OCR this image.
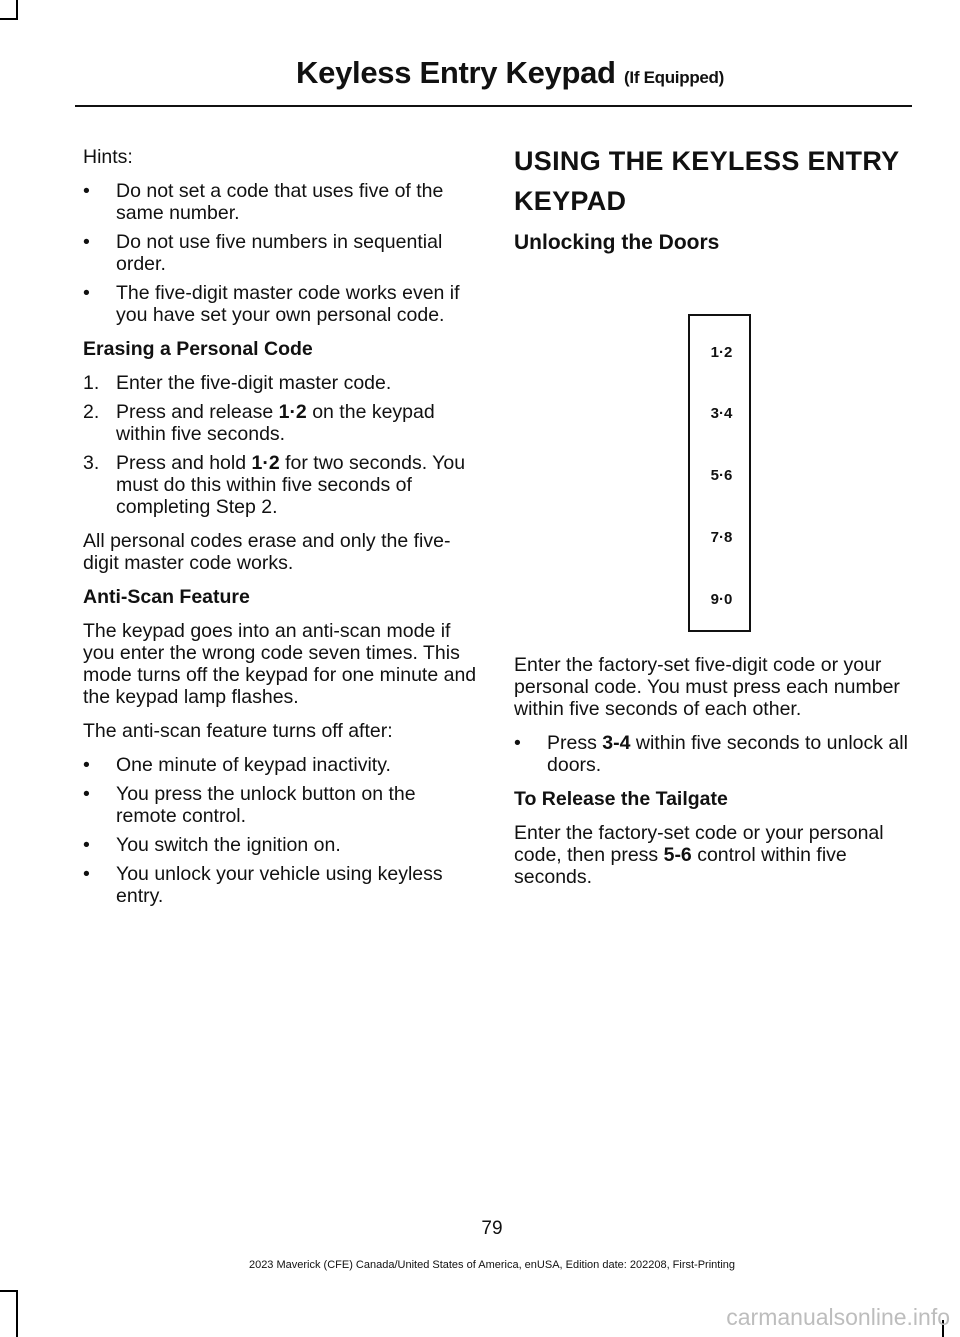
Keyless Entry Keypad (If Equipped)

Hints:

• Do not set a code that uses five of the same number.
• Do not use five numbers in sequential order.
• The five-digit master code works even if you have set your own personal code.
Erasing a Personal Code
1. Enter the five-digit master code.
2. Press and release 1·2 on the keypad within five seconds.
3. Press and hold 1·2 for two seconds. You must do this within five seconds of completing Step 2.

All personal codes erase and only the five-digit master code works.

Anti-Scan Feature

The keypad goes into an anti-scan mode if you enter the wrong code seven times. This mode turns off the keypad for one minute and the keypad lamp flashes.

The anti-scan feature turns off after:

• One minute of keypad inactivity.
• You press the unlock button on the remote control.
• You switch the ignition on.
• You unlock your vehicle using keyless entry.
USING THE KEYLESS ENTRY
KEYPAD
Unlocking the Doors
1·2
3·4
5·6
7·8
9·0

Enter the factory-set five-digit code or your personal code. You must press each number within five seconds of each other.

• Press 3-4 within five seconds to unlock all doors.
To Release the Tailgate

Enter the factory-set code or your personal code, then press 5-6 control within five seconds.

79
2023 Maverick (CFE) Canada/United States of America, enUSA, Edition date: 202208, First-Printing
carmanualsonline.info
